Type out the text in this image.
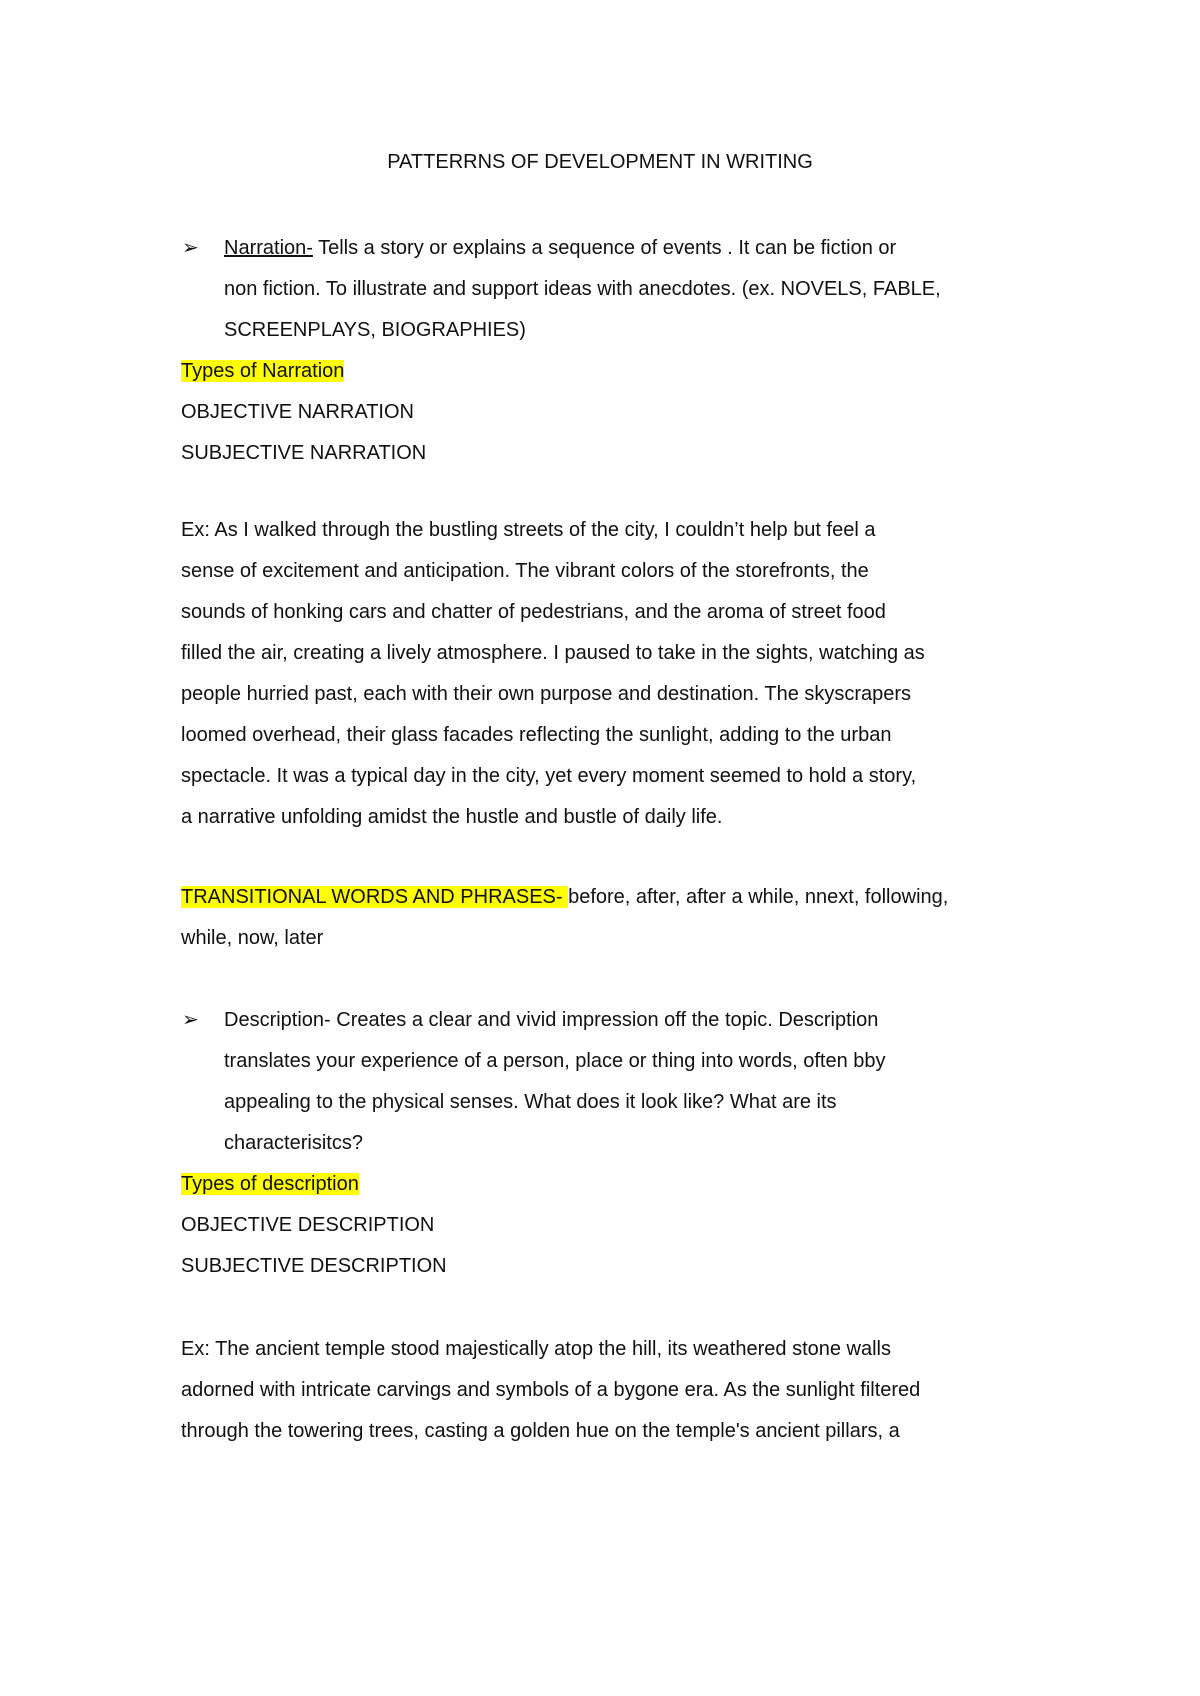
PATTERRNS OF DEVELOPMENT IN WRITING
➢ Narration- Tells a story or explains a sequence of events . It can be fiction or
non fiction. To illustrate and support ideas with anecdotes. (ex. NOVELS, FABLE,
SCREENPLAYS, BIOGRAPHIES)
Types of Narration
OBJECTIVE NARRATION
SUBJECTIVE NARRATION
Ex: As I walked through the bustling streets of the city, I couldn’t help but feel a
sense of excitement and anticipation. The vibrant colors of the storefronts, the
sounds of honking cars and chatter of pedestrians, and the aroma of street food
filled the air, creating a lively atmosphere. I paused to take in the sights, watching as
people hurried past, each with their own purpose and destination. The skyscrapers
loomed overhead, their glass facades reflecting the sunlight, adding to the urban
spectacle. It was a typical day in the city, yet every moment seemed to hold a story,
a narrative unfolding amidst the hustle and bustle of daily life.
TRANSITIONAL WORDS AND PHRASES- before, after, after a while, nnext, following,
while, now, later
➢ Description- Creates a clear and vivid impression off the topic. Description
translates your experience of a person, place or thing into words, often bby
appealing to the physical senses. What does it look like? What are its
characterisitcs?
Types of description
OBJECTIVE DESCRIPTION
SUBJECTIVE DESCRIPTION
Ex: The ancient temple stood majestically atop the hill, its weathered stone walls
adorned with intricate carvings and symbols of a bygone era. As the sunlight filtered
through the towering trees, casting a golden hue on the temple's ancient pillars, a
